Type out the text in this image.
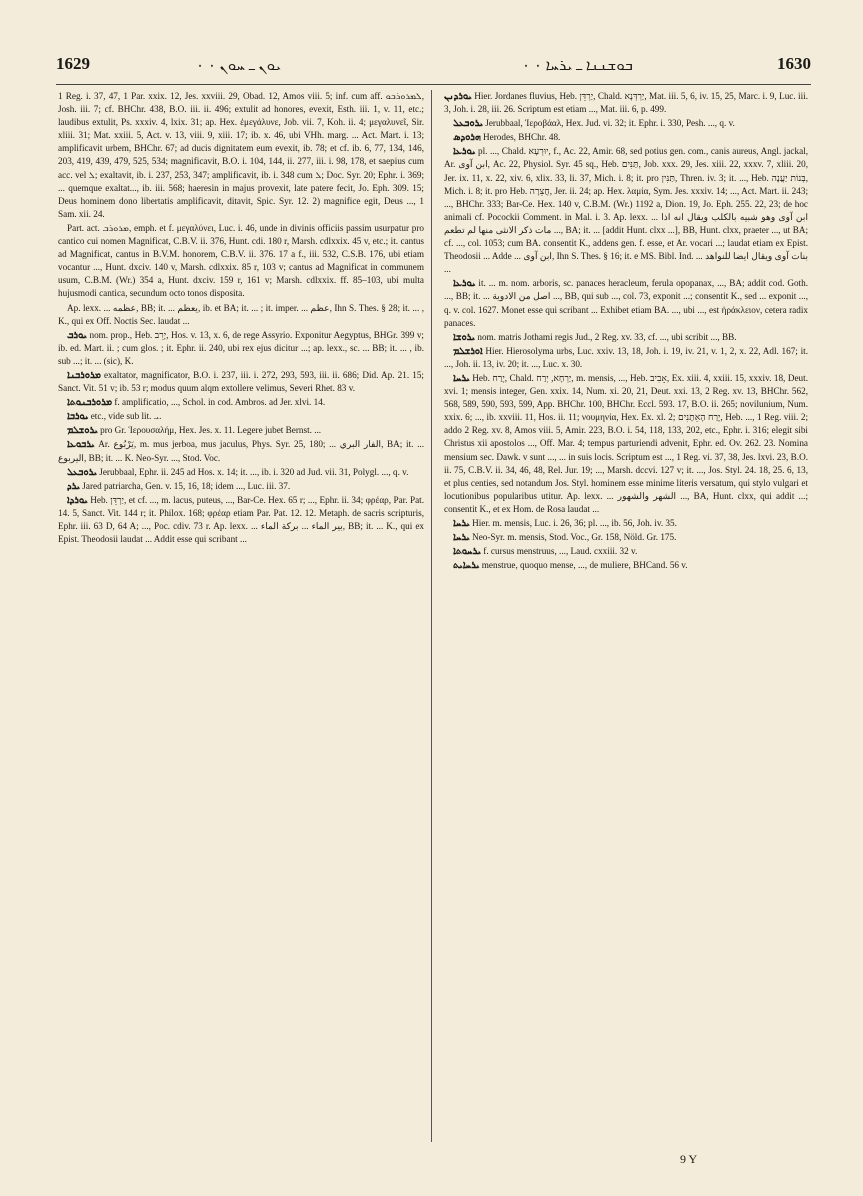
1629	۰ ܝܘܢ ـ ܚܘܢ ۰	۰ ܒܘܫܢܢܐ ـ ܝܪܚܐ ۰	1630

1 Reg. i. 37, 47, 1 Par. xxix. 12, Jes. xxviii. 29, Obad. 12, Amos viii. 5; inf. cum aff. ܠܡܪܘܪܒܘ, Josh. iii. 7; cf. BHChr. 438, B.O. iii. ii. 496; extulit ad honores, evexit, Esth. iii. 1, v. 11, etc.; laudibus extulit, Ps. xxxiv. 4, lxix. 31; ap. Hex. ἐμεγάλυνε, Job. vii. 7, Koh. ii. 4; μεγαλυνεῖ, Sir. xliii. 31; Mat. xxiii. 5, Act. v. 13, viii. 9, xiii. 17; ib. x. 46, ubi VHh. marg. ... Act. Mart. i. 13; amplificavit urbem, BHChr. 67; ad ducis dignitatem eum evexit, ib. 78; et cf. ib. 6, 77, 134, 146, 203, 419, 439, 479, 525, 534; magnificavit, B.O. i. 104, 144, ii. 277, iii. i. 98, 178, et saepius cum acc. vel ܠ; exaltavit, ib. i. 237, 253, 347; amplificavit, ib. i. 348 cum ܠ; Doc. Syr. 20; Ephr. i. 369; ... quemque exaltat..., ib. iii. 568; haeresin in majus provexit, late patere fecit, Jo. Eph. 309. 15; Deus hominem dono libertatis amplificavit, ditavit, Spic. Syr. 12. 2) magnifice egit, Deus ..., 1 Sam. xii. 24.

Part. act. ܡܪܘܪܒ, emph. et f. μεγαλύνει, Luc. i. 46, unde in divinis officiis passim usurpatur pro cantico cui nomen Magnificat, C.B.V. ii. 376, Hunt. cdi. 180 r, Marsh. cdlxxix. 45 v, etc.; it. cantus ad Magnificat, cantus in B.V.M. honorem, C.B.V. ii. 376. 17 a f., iii. 532, C.S.B. 176, ubi etiam vocantur ..., Hunt. dxciv. 140 v, Marsh. cdlxxix. 85 r, 103 v; cantus ad Magnificat in communem usum, C.B.M. (Wr.) 354 a, Hunt. dxciv. 159 r, 161 v; Marsh. cdlxxix. ff. 85–103, ubi multa hujusmodi cantica, secundum octo tonos disposita.

Ap. lexx. ... عظمه, BB; it. ... يعظم, ib. et BA; it. ... ; it. imper. ... عظم, Ihn S. Thes. § 28; it. ... , K., qui ex Off. Noctis Sec. laudat ...

ܝܘܪܒ nom. prop., Heb. יָרֵב, Hos. v. 13, x. 6, de rege Assyrio. Exponitur Aegyptus, BHGr. 399 v; ib. ed. Mart. ii. ; cum glos. ; it. Ephr. ii. 240, ubi rex ejus dicitur ...; ap. lexx., sc. ... BB; it. ... , ib. sub ...; it. ... (sic), K.

ܡܪܘܪܒܢܐ exaltator, magnificator, B.O. i. 237, iii. i. 272, 293, 593, iii. ii. 686; Did. Ap. 21. 15; Sanct. Vit. 51 v; ib. 53 r; modus quum alqm extollere velimus, Severi Rhet. 83 v.

ܡܪܘܪܒܢܘܬܐ f. amplificatio, ..., Schol. in cod. Ambros. ad Jer. xlvi. 14.

ܝܘܪܒܐ etc., vide sub lit. ܝ.

ܝܪܘܫܠܡ pro Gr. Ἱερουσαλήμ, Hex. Jes. x. 11. Legere jubet Bernst. ...

ܝܪܒܘܥܐ Ar. يَرْبُوع, m. mus jerboa, mus jaculus, Phys. Syr. 25, 180; ... الفار البري, BA; it. ... اليربوع, BB; it. ... K. Neo-Syr. ..., Stod. Voc.

ܝܪܘܒܥܠ Jerubbaal, Ephr. ii. 245 ad Hos. x. 14; it. ..., ib. i. 320 ad Jud. vii. 31, Polygl. ..., q. v.

ܝܪܕ Jared patriarcha, Gen. v. 15, 16, 18; idem ..., Luc. iii. 37.

ܝܘܪܕܐ Heb. יַרְדֵּן, et cf. ..., m. lacus, puteus, ..., Bar-Ce. Hex. 65 r; ..., Ephr. ii. 34; φρέαρ, Par. Pat. 14. 5, Sanct. Vit. 144 r; it. Philox. 168; φρέαρ etiam Par. Pat. 12. 12. Metaph. de sacris scripturis, Ephr. iii. 63 D, 64 A; ..., Poc. cdiv. 73 r. Ap. lexx. ... بير الماء ... بركة الماء, BB; it. ... K., qui ex Epist. Theodosii laudat ... Addit esse qui scribant ...

ܝܘܪܕܢܢ Hier. Jordanes fluvius, Heb. יַרְדֵּן, Chald. יַרְדְּנָא, Mat. iii. 5, 6, iv. 15, 25, Marc. i. 9, Luc. iii. 3, Joh. i. 28, iii. 26. Scriptum est etiam ..., Mat. iii. 6, p. 499.

ܝܪܘܒܥܠ Jerubbaal, Ἱεροβάαλ, Hex. Jud. vi. 32; it. Ephr. i. 330, Pesh. ..., q. v.

ܗܪܘܕܣ Herodes, BHChr. 48.

ܝܘܪܥܐ pl. ..., Chald. יוּרְעָא, f., Ac. 22, Amir. 68, sed potius gen. com., canis aureus, Angl. jackal, Ar. ابن آوى, Ac. 22, Physiol. Syr. 45 sq., Heb. תַּנִּים, Job. xxx. 29, Jes. xiii. 22, xxxv. 7, xliii. 20, Jer. ix. 11, x. 22, xiv. 6, xlix. 33, li. 37, Mich. i. 8; it. pro תַּנִּין, Thren. iv. 3; it. ..., Heb. בְּנוֹת יַעֲנָה, Mich. i. 8; it. pro Heb. חֲצֵרָה, Jer. ii. 24; ap. Hex. λαμία, Sym. Jes. xxxiv. 14; ..., Act. Mart. ii. 243; ..., BHChr. 333; Bar-Ce. Hex. 140 v, C.B.M. (Wr.) 1192 a, Dion. 19, Jo. Eph. 255. 22, 23; de hoc animali cf. Pocockii Comment. in Mal. i. 3. Ap. lexx. ... ابن آوى وهو شبيه بالكلب ويقال انه اذا مات ذكر الانثى منها لم تطعم ..., BA; it. ... [addit Hunt. clxx ...], BB, Hunt. clxx, praeter ..., ut BA; cf. ..., col. 1053; cum BA. consentit K., addens gen. f. esse, et Ar. vocari ...; laudat etiam ex Epist. Theodosii ... Adde ... ابن آوى, Ihn S. Thes. § 16; it. e MS. Bibl. Ind. ... بنات آوى ويقال ايضا للنواهد ...

ܝܘܪܥܐ it. ... m. nom. arboris, sc. panaces heracleum, ferula opopanax, ..., BA; addit cod. Goth. ..., BB; it. ... اصل من الادوية ..., BB, qui sub ..., col. 73, exponit ...; consentit K., sed ... exponit ..., q. v. col. 1627. Monet esse qui scribant ... Exhibet etiam BA. ..., ubi ..., est ἡράκλειον, cetera radix panaces.

ܝܪܘܫܐ nom. matris Jothami regis Jud., 2 Reg. xv. 33, cf. ..., ubi scribit ..., BB.

ܐܘܪܫܠܡ Hier. Hierosolyma urbs, Luc. xxiv. 13, 18, Joh. i. 19, iv. 21, v. 1, 2, x. 22, Adl. 167; it. ..., Joh. ii. 13, iv. 20; it. ..., Luc. x. 30.

ܝܪܚܐ Heb. יֶרַח, Chald. יַרְחָא, יְרַח, m. mensis, ..., Heb. אָבִיב, Ex. xiii. 4, xxiii. 15, xxxiv. 18, Deut. xvi. 1; mensis integer, Gen. xxix. 14, Num. xi. 20, 21, Deut. xxi. 13, 2 Reg. xv. 13, BHChr. 562, 568, 589, 590, 593, 599, App. BHChr. 100, BHChr. Eccl. 593. 17, B.O. ii. 265; novilunium, Num. xxix. 6; ..., ib. xxviii. 11, Hos. ii. 11; νουμηνία, Hex. Ex. xl. 2; יֶרַח הָאֵתָנִים, Heb. ..., 1 Reg. viii. 2; addo 2 Reg. xv. 8, Amos viii. 5, Amir. 223, B.O. i. 54, 118, 133, 202, etc., Ephr. i. 316; elegit sibi Christus xii apostolos ..., Off. Mar. 4; tempus parturiendi advenit, Ephr. ed. Ov. 262. 23. Nomina mensium sec. Dawk. v sunt ..., ... in suis locis. Scriptum est ..., 1 Reg. vi. 37, 38, Jes. lxvi. 23, B.O. ii. 75, C.B.V. ii. 34, 46, 48, Rel. Jur. 19; ..., Marsh. dccvi. 127 v; it. ..., Jos. Styl. 24. 18, 25. 6, 13, et plus centies, sed notandum Jos. Styl. hominem esse minime literis versatum, qui stylo vulgari et locutionibus popularibus utitur. Ap. lexx. ... الشهر والشهور ..., BA, Hunt. clxx, qui addit ...; consentit K., et ex Hom. de Rosa laudat ...

ܝܪܚܐ Hier. m. mensis, Luc. i. 26, 36; pl. ..., ib. 56, Joh. iv. 35.

ܝܪܚܐ Neo-Syr. m. mensis, Stod. Voc., Gr. 158, Nöld. Gr. 175.

ܝܪܚܘܬܐ f. cursus menstruus, ..., Laud. cxxiii. 32 v.

ܝܪܚܐܝܬ menstrue, quoquo mense, ..., de muliere, BHCand. 56 v.

9 Y
